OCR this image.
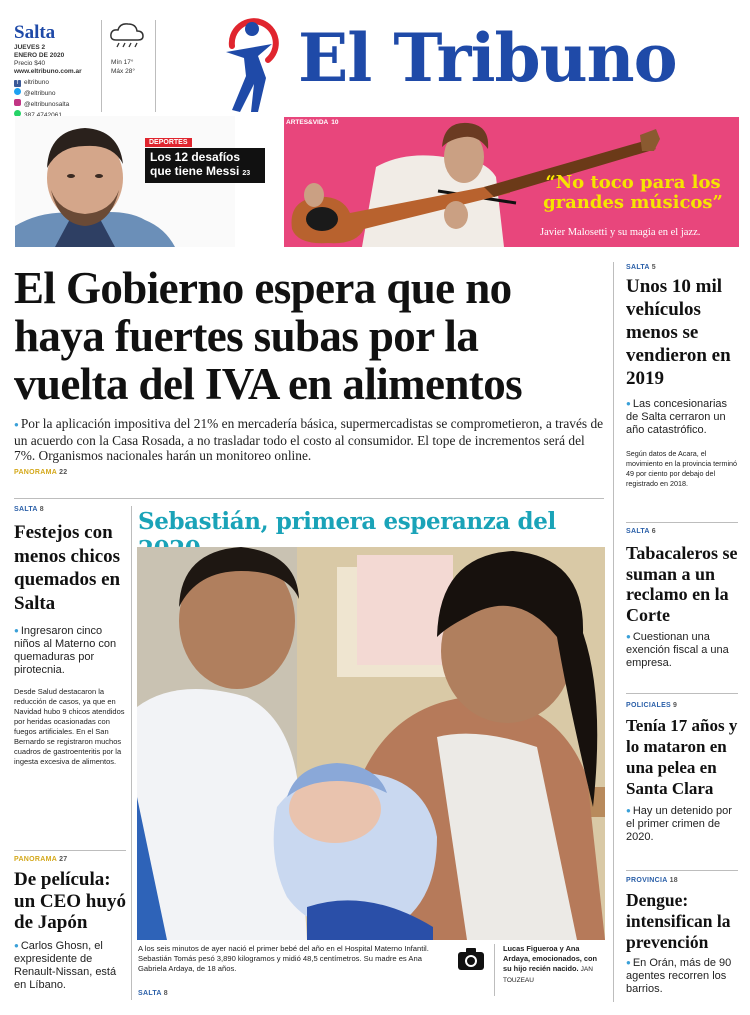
Salta
JUEVES 2
ENERO DE 2020
Precio $40
www.eltribuno.com.ar
f eltribuno
@eltribuno
@eltribunosalta
Mín 17°
Máx 28° El Tribuno
DEPORTES
Los 12 desafíos
que tiene Messi 23
ARTES&VIDA 10
“No toco para los
grandes músicos”
Javier Malosetti y su magia en el jazz.
El Gobierno espera que no
haya fuertes subas por la
vuelta del IVA en alimentos
● Por la aplicación impositiva del 21% en mercadería básica, supermercadistas se comprometieron, a través de un acuerdo con la Casa Rosada, a no trasladar todo el costo al consumidor. El tope de incrementos será del 7%. Organismos nacionales harán un monitoreo online.
PANORAMA 22
SALTA 8
Festejos con menos chicos quemados en Salta
● Ingresaron cinco niños al Materno con quemaduras por pirotecnia.
Desde Salud destacaron la reducción de casos, ya que en Navidad hubo 9 chicos atendidos por heridas ocasionadas con fuegos artificiales. En el San Bernardo se registraron muchos cuadros de gastroenteritis por la ingesta excesiva de alimentos.
PANORAMA 27
De película: un CEO huyó de Japón
● Carlos Ghosn, el expresidente de Renault-Nissan, está en Líbano.
Sebastián, primera esperanza del
A los seis minutos de ayer nació el primer bebé del año en el Hospital Materno Infantil. Sebastián Tomás pesó 3,890 kilogramos y midió 48,5 centímetros. Su madre es Ana Gabriela Ardaya, de 18 años.
SALTA 8
Lucas Figueroa y Ana Ardaya, emocionados, con su hijo recién nacido. JAN TOUZEAU
SALTA 5
Unos 10 mil vehículos menos se vendieron en 2019
● Las concesionarias de Salta cerraron un año catastrófico.
Según datos de Acara, el movimiento en la provincia terminó 49 por ciento por debajo del registrado en 2018.
SALTA 6
Tabacaleros se suman a un reclamo en la Corte
● Cuestionan una exención fiscal a una empresa.
POLICIALES 9
Tenía 17 años y lo mataron en una pelea en Santa Clara
● Hay un detenido por el primer crimen de 2020.
PROVINCIA 18
Dengue: intensifican la prevención
● En Orán, más de 90 agentes recorren los barrios.
